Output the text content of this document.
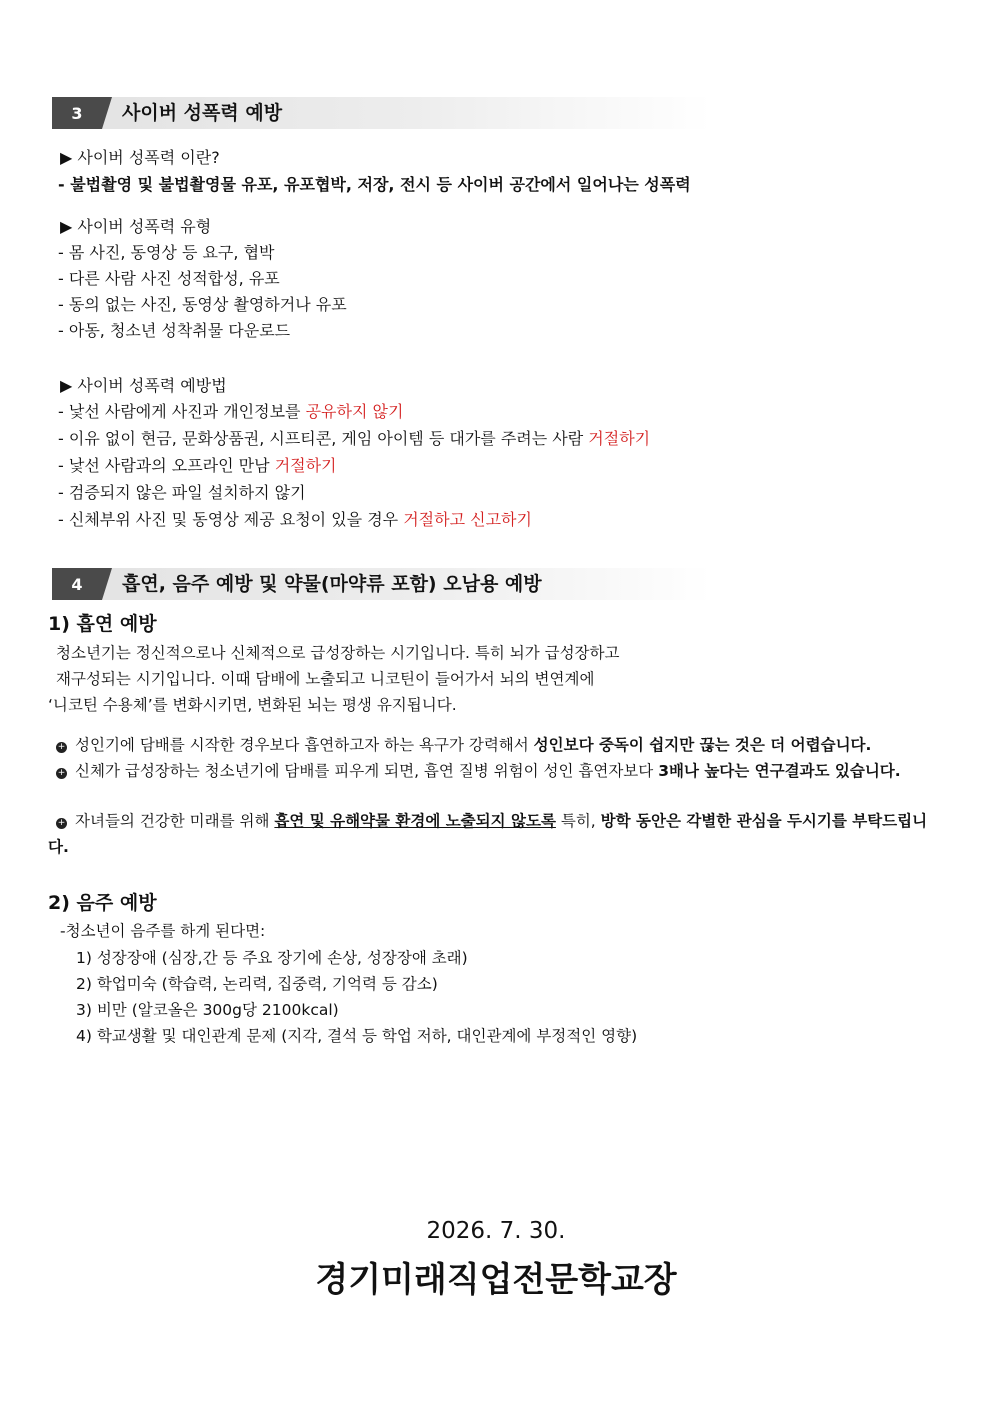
3	사이버 성폭력 예방
▶ 사이버 성폭력 이란?
- 불법촬영 및 불법촬영물 유포, 유포협박, 저장, 전시 등 사이버 공간에서 일어나는 성폭력
▶ 사이버 성폭력 유형
- 몸 사진, 동영상 등 요구, 협박
- 다른 사람 사진 성적합성, 유포
- 동의 없는 사진, 동영상 촬영하거나 유포
- 아동, 청소년 성착취물 다운로드
▶ 사이버 성폭력 예방법
- 낯선 사람에게 사진과 개인정보를 공유하지 않기
- 이유 없이 현금, 문화상품권, 시프티콘, 게임 아이템 등 대가를 주려는 사람 거절하기
- 낯선 사람과의 오프라인 만남 거절하기
- 검증되지 않은 파일 설치하지 않기
- 신체부위 사진 및 동영상 제공 요청이 있을 경우 거절하고 신고하기
4	흡연, 음주 예방 및 약물(마약류 포함) 오남용 예방
1) 흡연 예방
청소년기는 정신적으로나 신체적으로 급성장하는 시기입니다. 특히 뇌가 급성장하고
재구성되는 시기입니다. 이때 담배에 노출되고 니코틴이 들어가서 뇌의 변연계에
‘니코틴 수용체’를 변화시키면, 변화된 뇌는 평생 유지됩니다.
+ 성인기에 담배를 시작한 경우보다 흡연하고자 하는 욕구가 강력해서 성인보다 중독이 쉽지만 끊는 것은 더 어렵습니다.
+ 신체가 급성장하는 청소년기에 담배를 피우게 되면, 흡연 질병 위험이 성인 흡연자보다 3배나 높다는 연구결과도 있습니다.
+ 자녀들의 건강한 미래를 위해 흡연 및 유해약물 환경에 노출되지 않도록 특히, 방학 동안은 각별한 관심을 두시기를 부탁드립니다.
2) 음주 예방
-청소년이 음주를 하게 된다면:
1) 성장장애 (심장,간 등 주요 장기에 손상, 성장장애 초래)
2) 학업미숙 (학습력, 논리력, 집중력, 기억력 등 감소)
3) 비만 (알코올은 300g당 2100kcal)
4) 학교생활 및 대인관계 문제 (지각, 결석 등 학업 저하, 대인관계에 부정적인 영향)
2026. 7. 30.
경기미래직업전문학교장
